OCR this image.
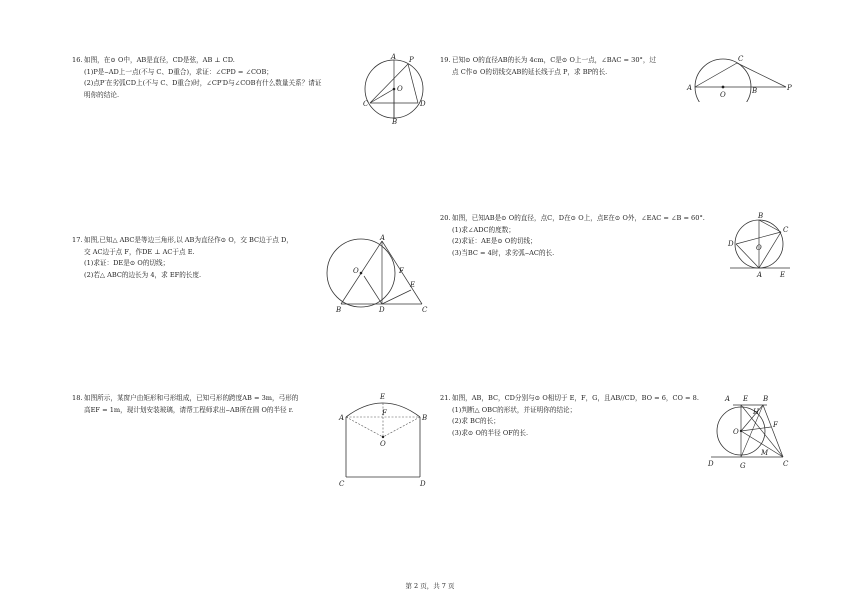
16. 如图，在⊙ O中，AB是直径，CD是弦，AB ⊥ CD.
(1)P是⌢AD上一点(不与 C、D重合)，求证：∠CPD = ∠COB；
(2)点P′在劣弧CD上(不与 C、D重合)时，∠CP′D与∠COB有什么数量关系？请证
明你的结论.
A P
O
C	D
B
19. 已知⊙ O的直径AB的长为 4cm，C是⊙ O上一点，∠BAC = 30°，过
点 C作⊙ O的切线交AB的延长线于点 P，求 BP的长.
C
A
O	B	P
20. 如图，已知AB是⊙ O的直径，点C，D在⊙ O上，点E在⊙ O外，∠EAC = ∠B = 60°.
(1)求∠ADC的度数；
(2)求证：AE是⊙ O的切线；
(3)当BC = 4时，求劣弧⌢AC的长.
B
C
D	O
A	E
17. 如图,已知△ ABC是等边三角形,以 AB为直径作⊙ O，交 BC边于点 D，
交 AC边于点 F，作DE ⊥ AC于点 E.
(1)求证：DE是⊙ O的切线；
(2)若△ ABC的边长为 4，求 EF的长度.
A
O	F
E
B	D	C
18. 如图所示，某窗户由矩形和弓形组成，已知弓形的跨度AB = 3m，弓形的
高EF = 1m，现计划安装玻璃，请帮工程师求出⌢AB所在圆 O的半径 r.
E
A
F
B
O
C	D
21. 如图，AB，BC，CD分别与⊙ O相切于 E，F，G，且AB//CD，BO = 6，CO = 8.
(1)判断△ OBC的形状，并证明你的结论；
(2)求 BC的长；
(3)求⊙ O的半径 OF的长.
A E B
H
O
F
M
D	G	C
第 2 页，共 7 页
